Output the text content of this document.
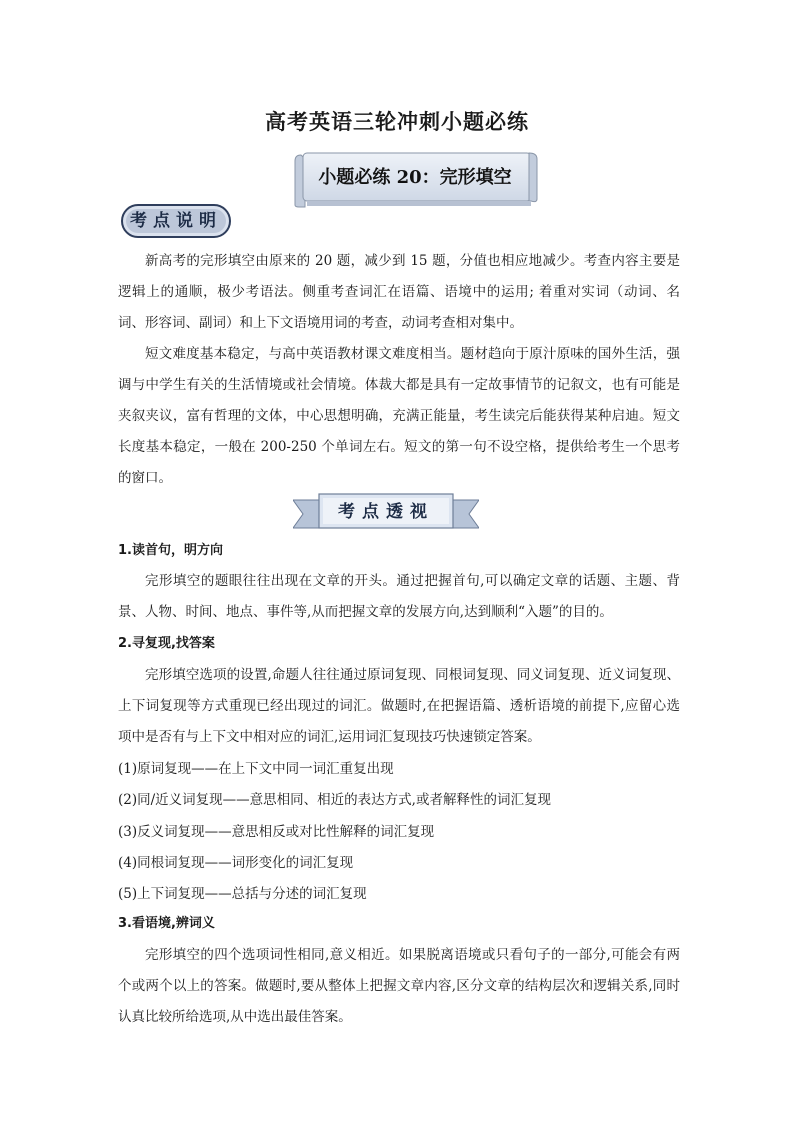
高考英语三轮冲刺小题必练
小题必练 20：完形填空
考点说明

新高考的完形填空由原来的 20 题，减少到 15 题，分值也相应地减少。考查内容主要是逻辑上的通顺，极少考语法。侧重考查词汇在语篇、语境中的运用; 着重对实词（动词、名词、形容词、副词）和上下文语境用词的考查，动词考查相对集中。

短文难度基本稳定，与高中英语教材课文难度相当。题材趋向于原汁原味的国外生活，强调与中学生有关的生活情境或社会情境。体裁大都是具有一定故事情节的记叙文，也有可能是夹叙夹议，富有哲理的文体，中心思想明确，充满正能量，考生读完后能获得某种启迪。短文长度基本稳定，一般在 200-250 个单词左右。短文的第一句不设空格，提供给考生一个思考的窗口。

考点透视
1.读首句，明方向

完形填空的题眼往往出现在文章的开头。通过把握首句,可以确定文章的话题、主题、背景、人物、时间、地点、事件等,从而把握文章的发展方向,达到顺利“入题”的目的。

2.寻复现,找答案

完形填空选项的设置,命题人往往通过原词复现、同根词复现、同义词复现、近义词复现、上下词复现等方式重现已经出现过的词汇。做题时,在把握语篇、透析语境的前提下,应留心选项中是否有与上下文中相对应的词汇,运用词汇复现技巧快速锁定答案。

(1)原词复现——在上下文中同一词汇重复出现
(2)同/近义词复现——意思相同、相近的表达方式,或者解释性的词汇复现
(3)反义词复现——意思相反或对比性解释的词汇复现
(4)同根词复现——词形变化的词汇复现
(5)上下词复现——总括与分述的词汇复现
3.看语境,辨词义

完形填空的四个选项词性相同,意义相近。如果脱离语境或只看句子的一部分,可能会有两个或两个以上的答案。做题时,要从整体上把握文章内容,区分文章的结构层次和逻辑关系,同时认真比较所给选项,从中选出最佳答案。
